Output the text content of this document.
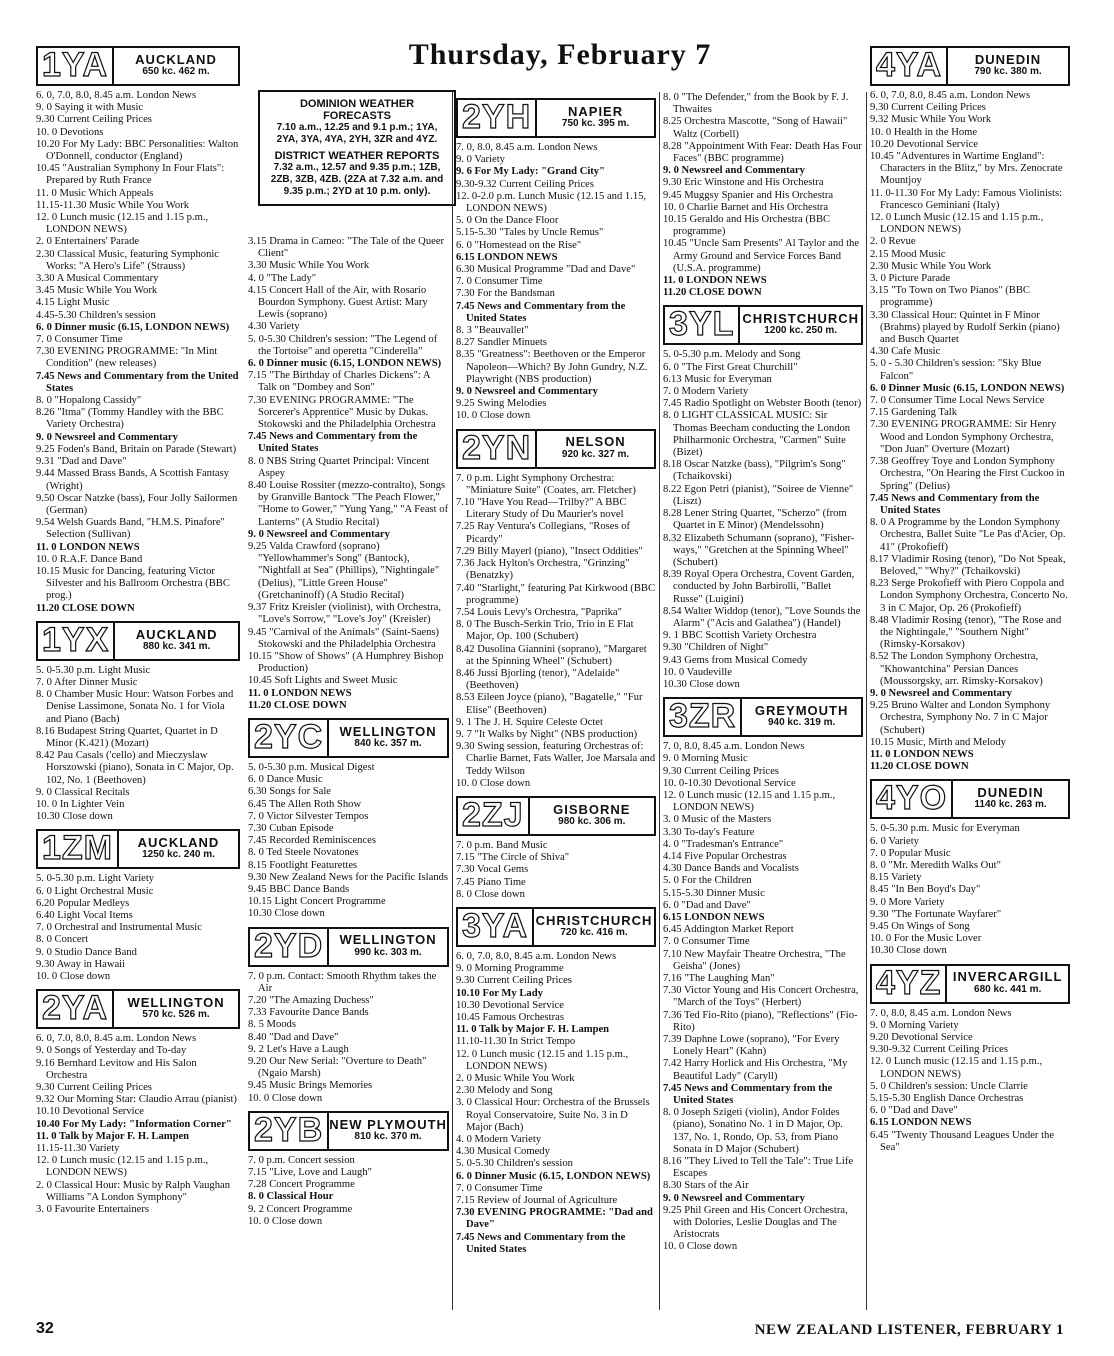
Thursday, February 7
DOMINION WEATHER FORECASTS
7.10 a.m., 12.25 and 9.1 p.m.; 1YA, 2YA, 3YA, 4YA, 2YH, 3ZR and 4YZ.
DISTRICT WEATHER REPORTS
7.32 a.m., 12.57 and 9.35 p.m.; 1ZB, 2ZB, 3ZB, 4ZB. (2ZA at 7.32 a.m. and 9.35 p.m.; 2YD at 10 p.m. only).
1YA	AUCKLAND
650 kc. 462 m.

6. 0, 7.0, 8.0, 8.45 a.m. London News

9. 0 Saying it with Music

9.30 Current Ceiling Prices

10. 0 Devotions

10.20 For My Lady: BBC Personalities: Walton O'Donnell, conductor (England)

10.45 "Australian Symphony In Four Flats": Prepared by Ruth France

11. 0 Music Which Appeals

11.15-11.30 Music While You Work

12. 0 Lunch music (12.15 and 1.15 p.m., LONDON NEWS)

2. 0 Entertainers' Parade

2.30 Classical Music, featuring Symphonic Works: "A Hero's Life" (Strauss)

3.30 A Musical Commentary

3.45 Music While You Work

4.15 Light Music

4.45-5.30 Children's session

6. 0 Dinner music (6.15, LONDON NEWS)

7. 0 Consumer Time

7.30 EVENING PROGRAMME: "In Mint Condition" (new releases)

7.45 News and Commentary from the United States

8. 0 "Hopalong Cassidy"

8.26 "Itma" (Tommy Handley with the BBC Variety Orchestra)

9. 0 Newsreel and Commentary

9.25 Foden's Band, Britain on Parade (Stewart)

9.31 "Dad and Dave"

9.44 Massed Brass Bands, A Scottish Fantasy (Wright)

9.50 Oscar Natzke (bass), Four Jolly Sailormen (German)

9.54 Welsh Guards Band, "H.M.S. Pinafore" Selection (Sullivan)

11. 0 LONDON NEWS

10. 0 R.A.F. Dance Band

10.15 Music for Dancing, featuring Victor Silvester and his Ballroom Orchestra (BBC prog.)

11.20 CLOSE DOWN

1YX	AUCKLAND
880 kc. 341 m.

5. 0-5.30 p.m. Light Music

7. 0 After Dinner Music

8. 0 Chamber Music Hour: Watson Forbes and Denise Lassimone, Sonata No. 1 for Viola and Piano (Bach)

8.16 Budapest String Quartet, Quartet in D Minor (K.421) (Mozart)

8.42 Pau Casals ('cello) and Mieczyslaw Horszowski (piano), Sonata in C Major, Op. 102, No. 1 (Beethoven)

9. 0 Classical Recitals

10. 0 In Lighter Vein

10.30 Close down

1ZM	AUCKLAND
1250 kc. 240 m.

5. 0-5.30 p.m. Light Variety

6. 0 Light Orchestral Music

6.20 Popular Medleys

6.40 Light Vocal Items

7. 0 Orchestral and Instrumental Music

8. 0 Concert

9. 0 Studio Dance Band

9.30 Away in Hawaii

10. 0 Close down

2YA	WELLINGTON
570 kc. 526 m.

6. 0, 7.0, 8.0, 8.45 a.m. London News

9. 0 Songs of Yesterday and To-day

9.16 Bernhard Levitow and His Salon Orchestra

9.30 Current Ceiling Prices

9.32 Our Morning Star: Claudio Arrau (pianist)

10.10 Devotional Service

10.40 For My Lady: "Information Corner"

11. 0 Talk by Major F. H. Lampen

11.15-11.30 Variety

12. 0 Lunch music (12.15 and 1.15 p.m., LONDON NEWS)

2. 0 Classical Hour: Music by Ralph Vaughan Williams "A London Symphony"

3. 0 Favourite Entertainers

3.15 Drama in Cameo: "The Tale of the Queer Client"

3.30 Music While You Work

4. 0 "The Lady"

4.15 Concert Hall of the Air, with Rosario Bourdon Symphony. Guest Artist: Mary Lewis (soprano)

4.30 Variety

5. 0-5.30 Children's session: "The Legend of the Tortoise" and operetta "Cinderella"

6. 0 Dinner music (6.15, LONDON NEWS)

7.15 "The Birthday of Charles Dickens": A Talk on "Dombey and Son"

7.30 EVENING PROGRAMME: "The Sorcerer's Apprentice" Music by Dukas. Stokowski and the Philadelphia Orchestra

7.45 News and Commentary from the United States

8. 0 NBS String Quartet Principal: Vincent Aspey

8.40 Louise Rossiter (mezzo-contralto), Songs by Granville Bantock "The Peach Flower," "Home to Gower," "Yung Yang," "A Feast of Lanterns" (A Studio Recital)

9. 0 Newsreel and Commentary

9.25 Valda Crawford (soprano) "Yellowhammer's Song" (Bantock), "Nightfall at Sea" (Phillips), "Nightingale" (Delius), "Little Green House" (Gretchaninoff) (A Studio Recital)

9.37 Fritz Kreisler (violinist), with Orchestra, "Love's Sorrow," "Love's Joy" (Kreisler)

9.45 "Carnival of the Animals" (Saint-Saens) Stokowski and the Philadelphia Orchestra

10.15 "Show of Shows" (A Humphrey Bishop Production)

10.45 Soft Lights and Sweet Music

11. 0 LONDON NEWS

11.20 CLOSE DOWN

2YC	WELLINGTON
840 kc. 357 m.

5. 0-5.30 p.m. Musical Digest

6. 0 Dance Music

6.30 Songs for Sale

6.45 The Allen Roth Show

7. 0 Victor Silvester Tempos

7.30 Cuban Episode

7.45 Recorded Reminiscences

8. 0 Ted Steele Novatones

8.15 Footlight Featurettes

9.30 New Zealand News for the Pacific Islands

9.45 BBC Dance Bands

10.15 Light Concert Programme

10.30 Close down

2YD	WELLINGTON
990 kc. 303 m.

7. 0 p.m. Contact: Smooth Rhythm takes the Air

7.20 "The Amazing Duchess"

7.33 Favourite Dance Bands

8. 5 Moods

8.40 "Dad and Dave"

9. 2 Let's Have a Laugh

9.20 Our New Serial: "Overture to Death" (Ngaio Marsh)

9.45 Music Brings Memories

10. 0 Close down

2YB NEW PLYMOUTH
810 kc. 370 m.

7. 0 p.m. Concert session

7.15 "Live, Love and Laugh"

7.28 Concert Programme

8. 0 Classical Hour

9. 2 Concert Programme

10. 0 Close down

2YH	NAPIER
750 kc. 395 m.

7. 0, 8.0, 8.45 a.m. London News

9. 0 Variety

9. 6 For My Lady: "Grand City"

9.30-9.32 Current Ceiling Prices

12. 0-2.0 p.m. Lunch Music (12.15 and 1.15, LONDON NEWS)

5. 0 On the Dance Floor

5.15-5.30 "Tales by Uncle Remus"

6. 0 "Homestead on the Rise"

6.15 LONDON NEWS

6.30 Musical Programme "Dad and Dave"

7. 0 Consumer Time

7.30 For the Bandsman

7.45 News and Commentary from the United States

8. 3 "Beauvallet"

8.27 Sandler Minuets

8.35 "Greatness": Beethoven or the Emperor Napoleon—Which? By John Gundry, N.Z. Playwright (NBS production)

9. 0 Newsreel and Commentary

9.25 Swing Melodies

10. 0 Close down

2YN	NELSON
920 kc. 327 m.

7. 0 p.m. Light Symphony Orchestra: "Miniature Suite" (Coates, arr. Fletcher)

7.10 "Have You Read—Trilby?" A BBC Literary Study of Du Maurier's novel

7.25 Ray Ventura's Collegians, "Roses of Picardy"

7.29 Billy Mayerl (piano), "Insect Oddities"

7.36 Jack Hylton's Orchestra, "Grinzing" (Benatzky)

7.40 "Starlight," featuring Pat Kirkwood (BBC programme)

7.54 Louis Levy's Orchestra, "Paprika"

8. 0 The Busch-Serkin Trio, Trio in E Flat Major, Op. 100 (Schubert)

8.42 Dusolina Giannini (soprano), "Margaret at the Spinning Wheel" (Schubert)

8.46 Jussi Bjorling (tenor), "Adelaide" (Beethoven)

8.53 Eileen Joyce (piano), "Bagatelle," "Fur Elise" (Beethoven)

9. 1 The J. H. Squire Celeste Octet

9. 7 "It Walks by Night" (NBS production)

9.30 Swing session, featuring Orchestras of: Charlie Barnet, Fats Waller, Joe Marsala and Teddy Wilson

10. 0 Close down

2ZJ	GISBORNE
980 kc. 306 m.

7. 0 p.m. Band Music

7.15 "The Circle of Shiva"

7.30 Vocal Gems

7.45 Piano Time

8. 0 Close down

3YA CHRISTCHURCH
720 kc. 416 m.

6. 0, 7.0, 8.0, 8.45 a.m. London News

9. 0 Morning Programme

9.30 Current Ceiling Prices

10.10 For My Lady

10.30 Devotional Service

10.45 Famous Orchestras

11. 0 Talk by Major F. H. Lampen

11.10-11.30 In Strict Tempo

12. 0 Lunch music (12.15 and 1.15 p.m., LONDON NEWS)

2. 0 Music While You Work

2.30 Melody and Song

3. 0 Classical Hour: Orchestra of the Brussels Royal Conservatoire, Suite No. 3 in D Major (Bach)

4. 0 Modern Variety

4.30 Musical Comedy

5. 0-5.30 Children's session

6. 0 Dinner Music (6.15, LONDON NEWS)

7. 0 Consumer Time

7.15 Review of Journal of Agriculture

7.30 EVENING PROGRAMME: "Dad and Dave"

7.45 News and Commentary from the United States

8. 0 "The Defender," from the Book by F. J. Thwaites

8.25 Orchestra Mascotte, "Song of Hawaii" Waltz (Corbell)

8.28 "Appointment With Fear: Death Has Four Faces" (BBC programme)

9. 0 Newsreel and Commentary

9.30 Eric Winstone and His Orchestra

9.45 Muggsy Spanier and His Orchestra

10. 0 Charlie Barnet and His Orchestra

10.15 Geraldo and His Orchestra (BBC programme)

10.45 "Uncle Sam Presents" Al Taylor and the Army Ground and Service Forces Band (U.S.A. programme)

11. 0 LONDON NEWS

11.20 CLOSE DOWN

3YL CHRISTCHURCH
1200 kc. 250 m.

5. 0-5.30 p.m. Melody and Song

6. 0 "The First Great Churchill"

6.13 Music for Everyman

7. 0 Modern Variety

7.45 Radio Spotlight on Webster Booth (tenor)

8. 0 LIGHT CLASSICAL MUSIC: Sir Thomas Beecham conducting the London Philharmonic Orchestra, "Carmen" Suite (Bizet)

8.18 Oscar Natzke (bass), "Pilgrim's Song" (Tchaikovski)

8.22 Egon Petri (pianist), "Soiree de Vienne" (Liszt)

8.28 Lener String Quartet, "Scherzo" (from Quartet in E Minor) (Mendelssohn)

8.32 Elizabeth Schumann (soprano), "Fisher-ways," "Gretchen at the Spinning Wheel" (Schubert)

8.39 Royal Opera Orchestra, Covent Garden, conducted by John Barbirolli, "Ballet Russe" (Luigini)

8.54 Walter Widdop (tenor), "Love Sounds the Alarm" ("Acis and Galathea") (Handel)

9. 1 BBC Scottish Variety Orchestra

9.30 "Children of Night"

9.43 Gems from Musical Comedy

10. 0 Vaudeville

10.30 Close down

3ZR	GREYMOUTH
940 kc. 319 m.

7. 0, 8.0, 8.45 a.m. London News

9. 0 Morning Music

9.30 Current Ceiling Prices

10. 0-10.30 Devotional Service

12. 0 Lunch music (12.15 and 1.15 p.m., LONDON NEWS)

3. 0 Music of the Masters

3.30 To-day's Feature

4. 0 "Tradesman's Entrance"

4.14 Five Popular Orchestras

4.30 Dance Bands and Vocalists

5. 0 For the Children

5.15-5.30 Dinner Music

6. 0 "Dad and Dave"

6.15 LONDON NEWS

6.45 Addington Market Report

7. 0 Consumer Time

7.10 New Mayfair Theatre Orchestra, "The Geisha" (Jones)

7.16 "The Laughing Man"

7.30 Victor Young and His Concert Orchestra, "March of the Toys" (Herbert)

7.36 Ted Fio-Rito (piano), "Reflections" (Fio-Rito)

7.39 Daphne Lowe (soprano), "For Every Lonely Heart" (Kahn)

7.42 Harry Horlick and His Orchestra, "My Beautiful Lady" (Caryll)

7.45 News and Commentary from the United States

8. 0 Joseph Szigeti (violin), Andor Foldes (piano), Sonatino No. 1 in D Major, Op. 137, No. 1, Rondo, Op. 53, from Piano Sonata in D Major (Schubert)

8.16 "They Lived to Tell the Tale": True Life Escapes

8.30 Stars of the Air

9. 0 Newsreel and Commentary

9.25 Phil Green and His Concert Orchestra, with Dolories, Leslie Douglas and The Aristocrats

10. 0 Close down

4YA	DUNEDIN
790 kc. 380 m.

6. 0, 7.0, 8.0, 8.45 a.m. London News

9.30 Current Ceiling Prices

9.32 Music While You Work

10. 0 Health in the Home

10.20 Devotional Service

10.45 "Adventures in Wartime England": Characters in the Blitz," by Mrs. Zenocrate Mountjoy

11. 0-11.30 For My Lady: Famous Violinists: Francesco Geminiani (Italy)

12. 0 Lunch Music (12.15 and 1.15 p.m., LONDON NEWS)

2. 0 Revue

2.15 Mood Music

2.30 Music While You Work

3. 0 Picture Parade

3.15 "To Town on Two Pianos" (BBC programme)

3.30 Classical Hour: Quintet in F Minor (Brahms) played by Rudolf Serkin (piano) and Busch Quartet

4.30 Cafe Music

5. 0 - 5.30 Children's session: "Sky Blue Falcon"

6. 0 Dinner Music (6.15, LONDON NEWS)

7. 0 Consumer Time Local News Service

7.15 Gardening Talk

7.30 EVENING PROGRAMME: Sir Henry Wood and London Symphony Orchestra, "Don Juan" Overture (Mozart)

7.38 Geoffrey Toye and London Symphony Orchestra, "On Hearing the First Cuckoo in Spring" (Delius)

7.45 News and Commentary from the United States

8. 0 A Programme by the London Symphony Orchestra, Ballet Suite "Le Pas d'Acier, Op. 41" (Prokofieff)

8.17 Vladimir Rosing (tenor), "Do Not Speak, Beloved," "Why?" (Tchaikovski)

8.23 Serge Prokofieff with Piero Coppola and London Symphony Orchestra, Concerto No. 3 in C Major, Op. 26 (Prokofieff)

8.48 Vladimir Rosing (tenor), "The Rose and the Nightingale," "Southern Night" (Rimsky-Korsakov)

8.52 The London Symphony Orchestra, "Khowantchina" Persian Dances (Moussorgsky, arr. Rimsky-Korsakov)

9. 0 Newsreel and Commentary

9.25 Bruno Walter and London Symphony Orchestra, Symphony No. 7 in C Major (Schubert)

10.15 Music, Mirth and Melody

11. 0 LONDON NEWS

11.20 CLOSE DOWN

4YO	DUNEDIN
1140 kc. 263 m.

5. 0-5.30 p.m. Music for Everyman

6. 0 Variety

7. 0 Popular Music

8. 0 "Mr. Meredith Walks Out"

8.15 Variety

8.45 "In Ben Boyd's Day"

9. 0 More Variety

9.30 "The Fortunate Wayfarer"

9.45 On Wings of Song

10. 0 For the Music Lover

10.30 Close down

4YZ INVERCARGILL
680 kc. 441 m.

7. 0, 8.0, 8.45 a.m. London News

9. 0 Morning Variety

9.20 Devotional Service

9.30-9.32 Current Ceiling Prices

12. 0 Lunch music (12.15 and 1.15 p.m., LONDON NEWS)

5. 0 Children's session: Uncle Clarrie

5.15-5.30 English Dance Orchestras

6. 0 "Dad and Dave"

6.15 LONDON NEWS

6.45 "Twenty Thousand Leagues Under the Sea"

32	NEW ZEALAND LISTENER, FEBRUARY 1
